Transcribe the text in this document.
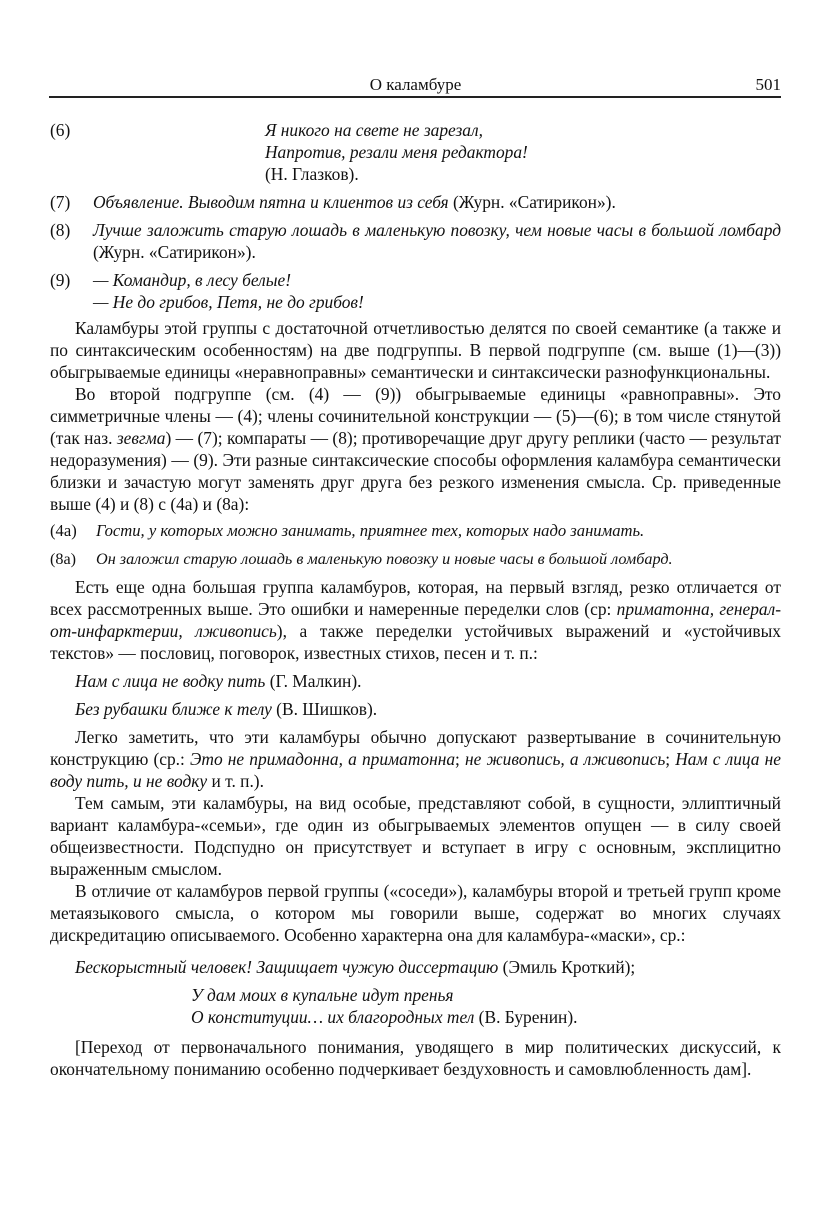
О каламбуре	501
(6)	Я никого на свете не зарезал,
Напротив, резали меня редактора!
(Н. Глазков).
(7) Объявление. Выводим пятна и клиентов из себя (Журн. «Сатирикон»).
(8) Лучше заложить старую лошадь в маленькую повозку, чем новые часы в большой ломбард (Журн. «Сатирикон»).
(9) — Командир, в лесу белые!
— Не до грибов, Петя, не до грибов!

Каламбуры этой группы с достаточной отчетливостью делятся по своей семантике (а также и по синтаксическим особенностям) на две подгруппы. В первой подгруппе (см. выше (1)—(3)) обыгрываемые единицы «неравноправны» семантически и синтаксически разнофункциональны.

Во второй подгруппе (см. (4) — (9)) обыгрываемые единицы «равноправны». Это симметричные члены — (4); члены сочинительной конструкции — (5)—(6); в том числе стянутой (так наз. зевгма) — (7); компараты — (8); противоречащие друг другу реплики (часто — результат недоразумения) — (9). Эти разные синтаксические способы оформления каламбура семантически близки и зачастую могут заменять друг друга без резкого изменения смысла. Ср. приведенные выше (4) и (8) с (4а) и (8а):

(4а) Гости, у которых можно занимать, приятнее тех, которых надо занимать.
(8а) Он заложил старую лошадь в маленькую повозку и новые часы в большой ломбард.

Есть еще одна большая группа каламбуров, которая, на первый взгляд, резко отличается от всех рассмотренных выше. Это ошибки и намеренные переделки слов (ср: приматонна, генерал-от-инфарктерии, лживопись), а также переделки устойчивых выражений и «устойчивых текстов» — пословиц, поговорок, известных стихов, песен и т. п.:

Нам с лица не водку пить (Г. Малкин).
Без рубашки ближе к телу (В. Шишков).

Легко заметить, что эти каламбуры обычно допускают развертывание в сочинительную конструкцию (ср.: Это не примадонна, а приматонна; не живопись, а лживопись; Нам с лица не воду пить, и не водку и т. п.).

Тем самым, эти каламбуры, на вид особые, представляют собой, в сущности, эллиптичный вариант каламбура-«семьи», где один из обыгрываемых элементов опущен — в силу своей общеизвестности. Подспудно он присутствует и вступает в игру с основным, эксплицитно выраженным смыслом.

В отличие от каламбуров первой группы («соседи»), каламбуры второй и третьей групп кроме метаязыкового смысла, о котором мы говорили выше, содержат во многих случаях дискредитацию описываемого. Особенно характерна она для каламбура-«маски», ср.:

Бескорыстный человек! Защищает чужую диссертацию (Эмиль Кроткий);
У дам моих в купальне идут пренья
О конституции… их благородных тел (В. Буренин).

[Переход от первоначального понимания, уводящего в мир политических дискуссий, к окончательному пониманию особенно подчеркивает бездуховность и самовлюбленность дам].
